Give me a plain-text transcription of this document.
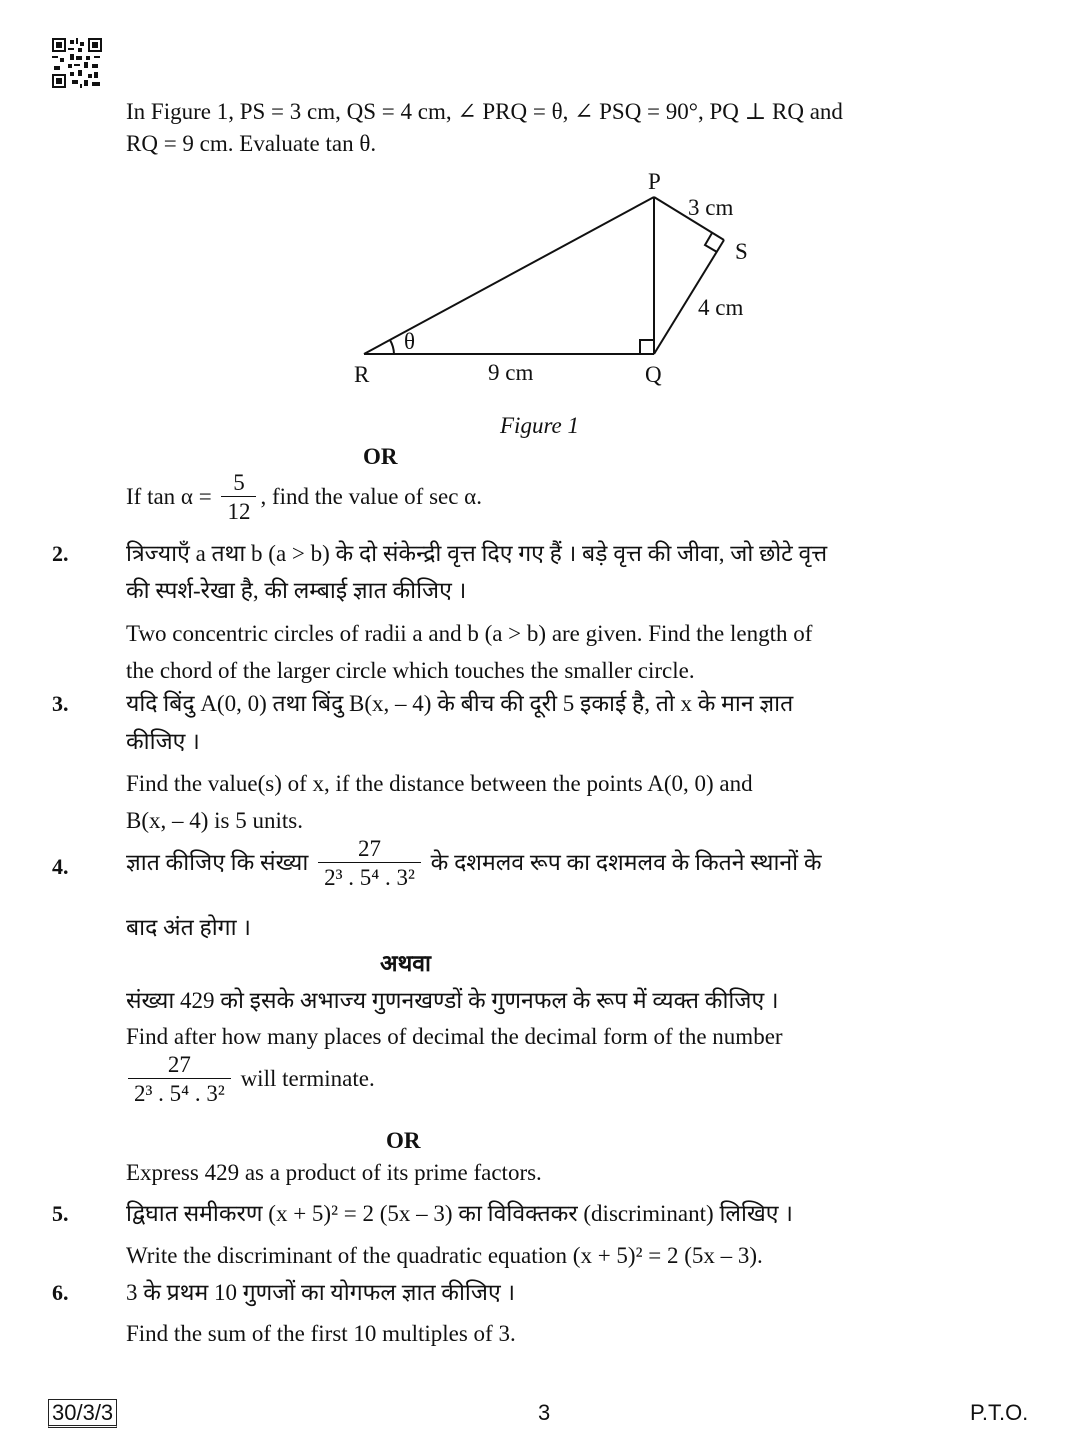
In Figure 1, PS = 3 cm, QS = 4 cm, ∠ PRQ = θ, ∠ PSQ = 90°, PQ ⊥ RQ and
RQ = 9 cm. Evaluate tan θ.
P
Q
R
S
θ
3 cm
4 cm
9 cm
Figure 1
OR
If $\tan \alpha = \frac{5}{12}$ , find the value of sec α.
2.	त्रिज्याएँ a तथा b (a > b) के दो संकेन्द्री वृत्त दिए गए हैं । बड़े वृत्त की जीवा, जो छोटे वृत्त
की स्पर्श-रेखा है, की लम्बाई ज्ञात कीजिए ।
Two concentric circles of radii a and b (a > b) are given. Find the length of
the chord of the larger circle which touches the smaller circle.
3.	यदि बिंदु A(0, 0) तथा बिंदु B(x, – 4) के बीच की दूरी 5 इकाई है, तो x के मान ज्ञात
कीजिए ।
Find the value(s) of x, if the distance between the points A(0, 0) and
B(x, – 4) is 5 units.
4.	ज्ञात कीजिए कि संख्या $\frac{27}{\text{2³ . 5⁴ . 3²}}$ के दशमलव रूप का दशमलव के कितने स्थानों के
बाद अंत होगा ।
अथवा
संख्या 429 को इसके अभाज्य गुणनखण्डों के गुणनफल के रूप में व्यक्त कीजिए ।
Find after how many places of decimal the decimal form of the number
$\frac{27}{\text{2³ . 5⁴ . 3²}}$ will terminate.
OR
Express 429 as a product of its prime factors.
5.	द्विघात समीकरण (x + 5)² = 2 (5x – 3) का विविक्तकर (discriminant) लिखिए ।
Write the discriminant of the quadratic equation (x + 5)² = 2 (5x – 3).
6.	3 के प्रथम 10 गुणजों का योगफल ज्ञात कीजिए ।
Find the sum of the first 10 multiples of 3.
30/3/3	3	P.T.O.
